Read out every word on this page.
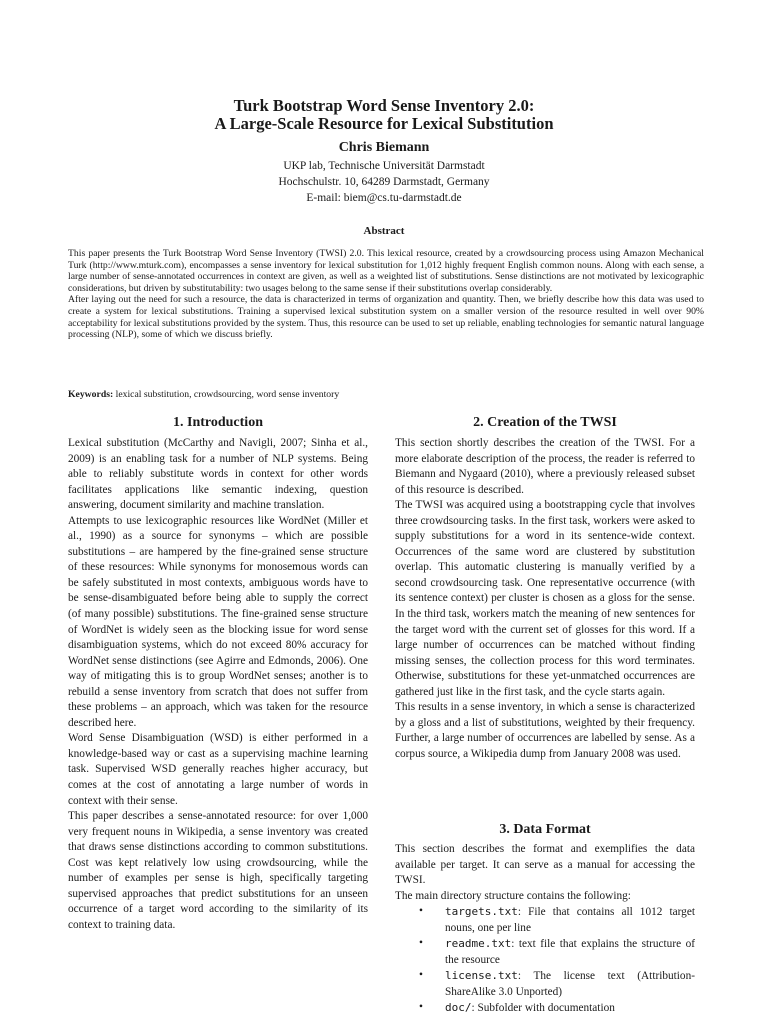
Turk Bootstrap Word Sense Inventory 2.0:
A Large-Scale Resource for Lexical Substitution
Chris Biemann
UKP lab, Technische Universität Darmstadt
Hochschulstr. 10, 64289 Darmstadt, Germany
E-mail: biem@cs.tu-darmstadt.de
Abstract

This paper presents the Turk Bootstrap Word Sense Inventory (TWSI) 2.0. This lexical resource, created by a crowdsourcing process using Amazon Mechanical Turk (http://www.mturk.com), encompasses a sense inventory for lexical substitution for 1,012 highly frequent English common nouns. Along with each sense, a large number of sense-annotated occurrences in context are given, as well as a weighted list of substitutions. Sense distinctions are not motivated by lexicographic considerations, but driven by substitutability: two usages belong to the same sense if their substitutions overlap considerably.

After laying out the need for such a resource, the data is characterized in terms of organization and quantity. Then, we briefly describe how this data was used to create a system for lexical substitutions. Training a supervised lexical substitution system on a smaller version of the resource resulted in well over 90% acceptability for lexical substitutions provided by the system. Thus, this resource can be used to set up reliable, enabling technologies for semantic natural language processing (NLP), some of which we discuss briefly.

Keywords: lexical substitution, crowdsourcing, word sense inventory
1. Introduction

Lexical substitution (McCarthy and Navigli, 2007; Sinha et al., 2009) is an enabling task for a number of NLP systems. Being able to reliably substitute words in context for other words facilitates applications like semantic indexing, question answering, document similarity and machine translation.

Attempts to use lexicographic resources like WordNet (Miller et al., 1990) as a source for synonyms – which are possible substitutions – are hampered by the fine-grained sense structure of these resources: While synonyms for monosemous words can be safely substituted in most contexts, ambiguous words have to be sense-disambiguated before being able to supply the correct (of many possible) substitutions. The fine-grained sense structure of WordNet is widely seen as the blocking issue for word sense disambiguation systems, which do not exceed 80% accuracy for WordNet sense distinctions (see Agirre and Edmonds, 2006). One way of mitigating this is to group WordNet senses; another is to rebuild a sense inventory from scratch that does not suffer from these problems – an approach, which was taken for the resource described here.

Word Sense Disambiguation (WSD) is either performed in a knowledge-based way or cast as a supervising machine learning task. Supervised WSD generally reaches higher accuracy, but comes at the cost of annotating a large number of words in context with their sense.

This paper describes a sense-annotated resource: for over 1,000 very frequent nouns in Wikipedia, a sense inventory was created that draws sense distinctions according to common substitutions. Cost was kept relatively low using crowdsourcing, while the number of examples per sense is high, specifically targeting supervised approaches that predict substitutions for an unseen occurrence of a target word according to the similarity of its context to training data.

2. Creation of the TWSI

This section shortly describes the creation of the TWSI. For a more elaborate description of the process, the reader is referred to Biemann and Nygaard (2010), where a previously released subset of this resource is described.

The TWSI was acquired using a bootstrapping cycle that involves three crowdsourcing tasks. In the first task, workers were asked to supply substitutions for a word in its sentence-wide context. Occurrences of the same word are clustered by substitution overlap. This automatic clustering is manually verified by a second crowdsourcing task. One representative occurrence (with its sentence context) per cluster is chosen as a gloss for the sense. In the third task, workers match the meaning of new sentences for the target word with the current set of glosses for this word. If a large number of occurrences can be matched without finding missing senses, the collection process for this word terminates. Otherwise, substitutions for these yet-unmatched occurrences are gathered just like in the first task, and the cycle starts again.

This results in a sense inventory, in which a sense is characterized by a gloss and a list of substitutions, weighted by their frequency. Further, a large number of occurrences are labelled by sense. As a corpus source, a Wikipedia dump from January 2008 was used.

3. Data Format

This section describes the format and exemplifies the data available per target. It can serve as a manual for accessing the TWSI.

The main directory structure contains the following:

• targets.txt: File that contains all 1012 target nouns, one per line
• readme.txt: text file that explains the structure of the resource
• license.txt: The license text (Attribution-ShareAlike 3.0 Unported)
• doc/: Subfolder with documentation
